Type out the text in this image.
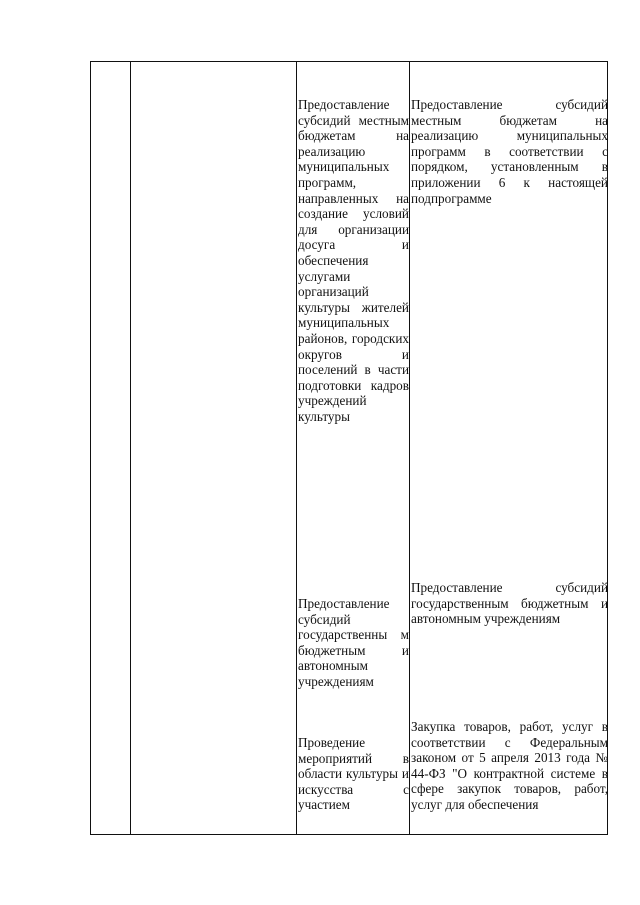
Предоставление субсидий местным бюджетам на реализацию муниципальных программ, направленных на создание условий для организации досуга и обеспечения услугами организаций культуры жителей муниципальных районов, городских округов и поселений в части подготовки кадров учреждений культуры
Предоставление субсидий местным бюджетам на реализацию муниципальных программ в соответствии с порядком, установленным в приложении 6 к настоящей подпрограмме
Предоставление субсидий государственны м бюджетным и автономным учреждениям
Предоставление субсидий государственным бюджетным и автономным учреждениям
Проведение мероприятий в области культуры и искусства с участием
Закупка товаров, работ, услуг в соответствии с Федеральным законом от 5 апреля 2013 года № 44-ФЗ "О контрактной системе в сфере закупок товаров, работ, услуг для обеспечения
